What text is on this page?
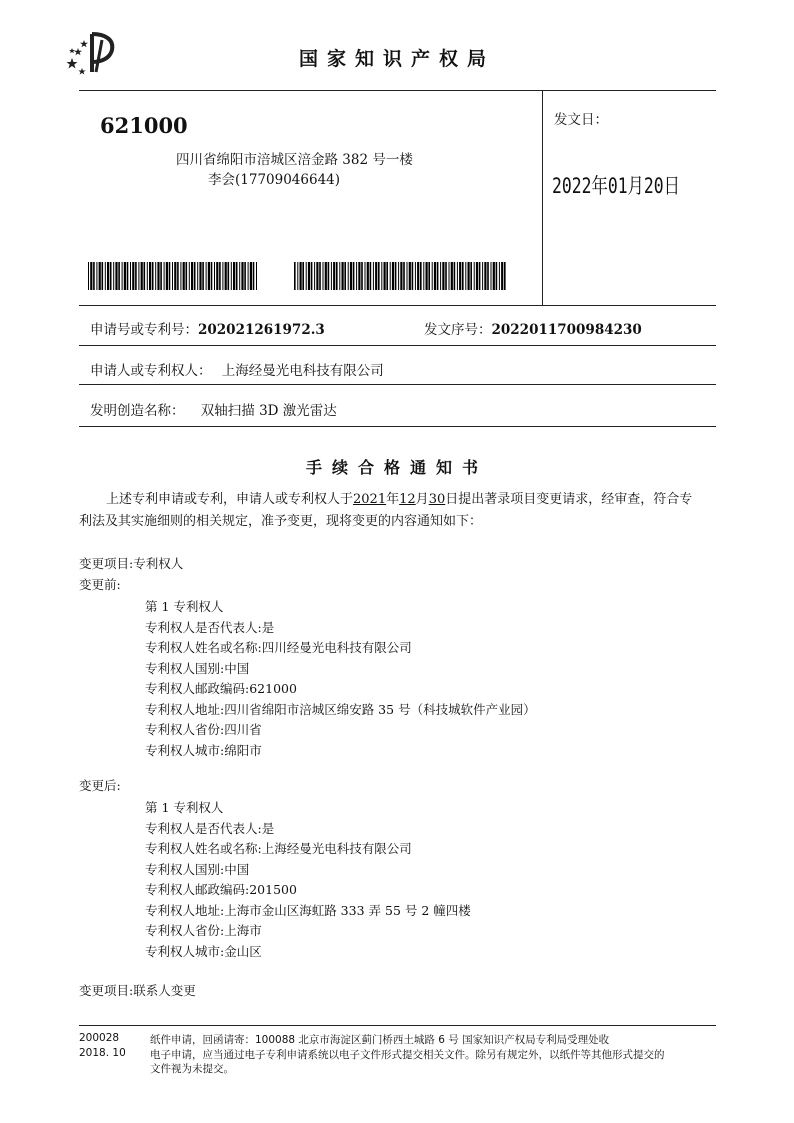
国家知识产权局
621000
四川省绵阳市涪城区涪金路 382 号一楼
李会(17709046644)
发文日：
2022年01月20日
申请号或专利号：202021261972.3	发文序号：2022011700984230
申请人或专利权人： 上海经曼光电科技有限公司
发明创造名称： 双轴扫描 3D 激光雷达
手续合格通知书
上述专利申请或专利，申请人或专利权人于2021年12月30日提出著录项目变更请求，经审查，符合专
利法及其实施细则的相关规定，准予变更，现将变更的内容通知如下：
变更项目:专利权人
变更前:
第 1 专利权人
专利权人是否代表人:是
专利权人姓名或名称:四川经曼光电科技有限公司
专利权人国别:中国
专利权人邮政编码:621000
专利权人地址:四川省绵阳市涪城区绵安路 35 号（科技城软件产业园）
专利权人省份:四川省
专利权人城市:绵阳市
变更后:
第 1 专利权人
专利权人是否代表人:是
专利权人姓名或名称:上海经曼光电科技有限公司
专利权人国别:中国
专利权人邮政编码:201500
专利权人地址:上海市金山区海虹路 333 弄 55 号 2 幢四楼
专利权人省份:上海市
专利权人城市:金山区
变更项目:联系人变更
200028
2018. 10
纸件申请，回函请寄：100088 北京市海淀区蓟门桥西土城路 6 号 国家知识产权局专利局受理处收
电子申请，应当通过电子专利申请系统以电子文件形式提交相关文件。除另有规定外，以纸件等其他形式提交的
文件视为未提交。
